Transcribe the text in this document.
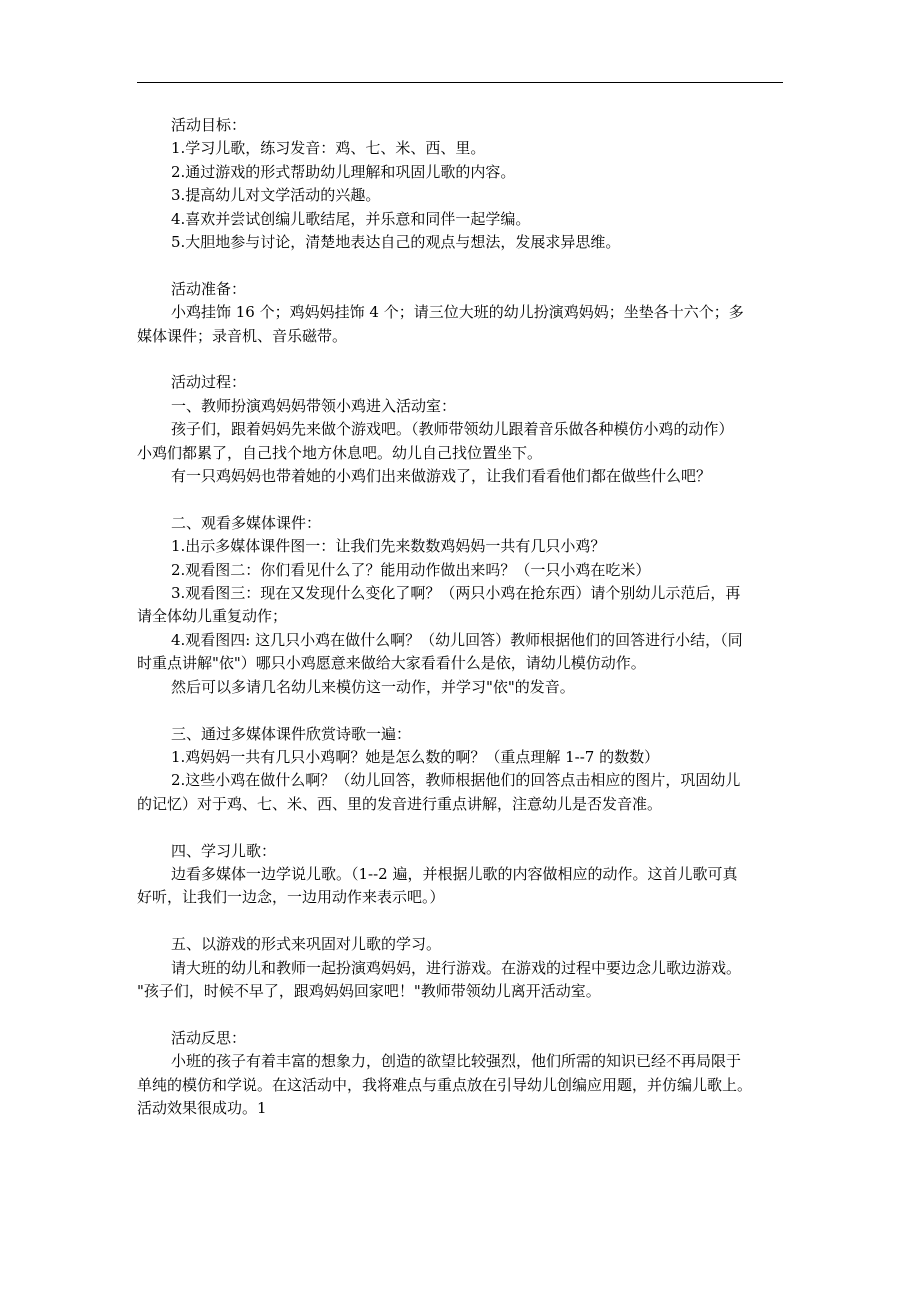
活动目标：
1.学习儿歌，练习发音：鸡、七、米、西、里。
2.通过游戏的形式帮助幼儿理解和巩固儿歌的内容。
3.提高幼儿对文学活动的兴趣。
4.喜欢并尝试创编儿歌结尾，并乐意和同伴一起学编。
5.大胆地参与讨论，清楚地表达自己的观点与想法，发展求异思维。
活动准备：
小鸡挂饰 16 个；鸡妈妈挂饰 4 个；请三位大班的幼儿扮演鸡妈妈；坐垫各十六个；多
媒体课件；录音机、音乐磁带。
活动过程：
一、教师扮演鸡妈妈带领小鸡进入活动室：
孩子们，跟着妈妈先来做个游戏吧。（教师带领幼儿跟着音乐做各种模仿小鸡的动作）
小鸡们都累了，自己找个地方休息吧。幼儿自己找位置坐下。
有一只鸡妈妈也带着她的小鸡们出来做游戏了，让我们看看他们都在做些什么吧？
二、观看多媒体课件：
1.出示多媒体课件图一：让我们先来数数鸡妈妈一共有几只小鸡？
2.观看图二：你们看见什么了？能用动作做出来吗？（一只小鸡在吃米）
3.观看图三：现在又发现什么变化了啊？（两只小鸡在抢东西）请个别幼儿示范后，再
请全体幼儿重复动作；
4.观看图四: 这几只小鸡在做什么啊？（幼儿回答）教师根据他们的回答进行小结，（同
时重点讲解"依"）哪只小鸡愿意来做给大家看看什么是依，请幼儿模仿动作。
然后可以多请几名幼儿来模仿这一动作，并学习"依"的发音。
三、通过多媒体课件欣赏诗歌一遍：
1.鸡妈妈一共有几只小鸡啊？她是怎么数的啊？（重点理解 1--7 的数数）
2.这些小鸡在做什么啊？（幼儿回答，教师根据他们的回答点击相应的图片，巩固幼儿
的记忆）对于鸡、七、米、西、里的发音进行重点讲解，注意幼儿是否发音准。
四、学习儿歌：
边看多媒体一边学说儿歌。（1--2 遍，并根据儿歌的内容做相应的动作。这首儿歌可真
好听，让我们一边念，一边用动作来表示吧。）
五、以游戏的形式来巩固对儿歌的学习。
请大班的幼儿和教师一起扮演鸡妈妈，进行游戏。在游戏的过程中要边念儿歌边游戏。
"孩子们，时候不早了，跟鸡妈妈回家吧！"教师带领幼儿离开活动室。
活动反思：
小班的孩子有着丰富的想象力，创造的欲望比较强烈，他们所需的知识已经不再局限于
单纯的模仿和学说。在这活动中，我将难点与重点放在引导幼儿创编应用题，并仿编儿歌上。
活动效果很成功。1
